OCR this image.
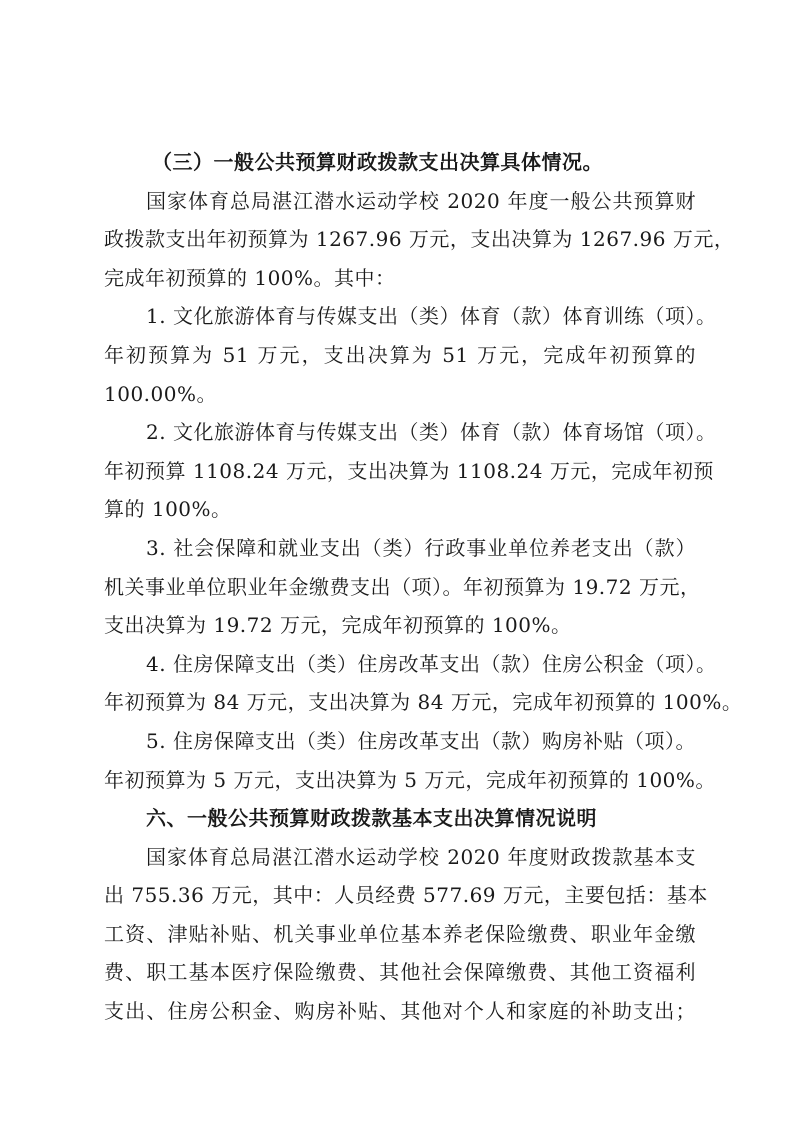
（三）一般公共预算财政拨款支出决算具体情况。
国家体育总局湛江潜水运动学校 2020 年度一般公共预算财
政拨款支出年初预算为 1267.96 万元，支出决算为 1267.96 万元，
完成年初预算的 100%。其中：
1. 文化旅游体育与传媒支出（类）体育（款）体育训练（项）。
年初预算为 51 万元，支出决算为 51 万元，完成年初预算的
100.00%。
2. 文化旅游体育与传媒支出（类）体育（款）体育场馆（项）。
年初预算 1108.24 万元，支出决算为 1108.24 万元，完成年初预
算的 100%。
3. 社会保障和就业支出（类）行政事业单位养老支出（款）
机关事业单位职业年金缴费支出（项）。年初预算为 19.72 万元，
支出决算为 19.72 万元，完成年初预算的 100%。
4. 住房保障支出（类）住房改革支出（款）住房公积金（项）。
年初预算为 84 万元，支出决算为 84 万元，完成年初预算的 100%。
5. 住房保障支出（类）住房改革支出（款）购房补贴（项）。
年初预算为 5 万元，支出决算为 5 万元，完成年初预算的 100%。
六、一般公共预算财政拨款基本支出决算情况说明
国家体育总局湛江潜水运动学校 2020 年度财政拨款基本支
出 755.36 万元，其中：人员经费 577.69 万元，主要包括：基本
工资、津贴补贴、机关事业单位基本养老保险缴费、职业年金缴
费、职工基本医疗保险缴费、其他社会保障缴费、其他工资福利
支出、住房公积金、购房补贴、其他对个人和家庭的补助支出；
